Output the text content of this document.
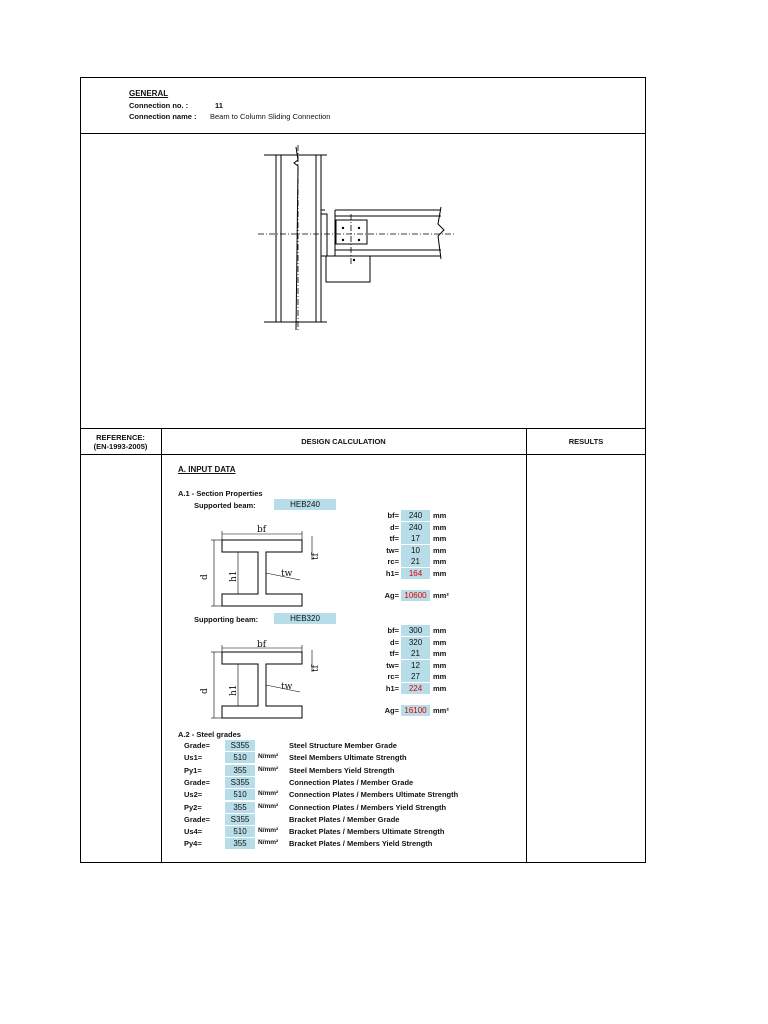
GENERAL
Connection no. :	11
Connection name : Beam to Column Sliding Connection
REFERENCE:
(EN-1993-2005)
DESIGN CALCULATION	RESULTS
A. INPUT DATA
A.1 - Section Properties
Supported beam:	HEB240
bf
tw
tf
d h1
bf=	240	mm
d=	240	mm
tf=	17	mm
tw=	10	mm
rc=	21	mm
h1=	164	mm
Ag= 10600 mm²
Supporting beam:	HEB320
bf
tw
tf
d h1
bf=	300	mm
d=	320	mm
tf=	21	mm
tw=	12	mm
rc=	27	mm
h1=	224	mm
Ag= 16100 mm²
A.2 - Steel grades
Grade=	S355	Steel Structure Member Grade
Us1=	510	N/mm² Steel Members Ultimate Strength
Py1=	355	N/mm² Steel Members Yield Strength
Grade=	S355	Connection Plates / Member Grade
Us2=	510	N/mm² Connection Plates / Members Ultimate Strength
Py2=	355	N/mm² Connection Plates / Members Yield Strength
Grade=	S355	Bracket Plates / Member Grade
Us4=	510	N/mm² Bracket Plates / Members Ultimate Strength
Py4=	355	N/mm² Bracket Plates / Members Yield Strength
